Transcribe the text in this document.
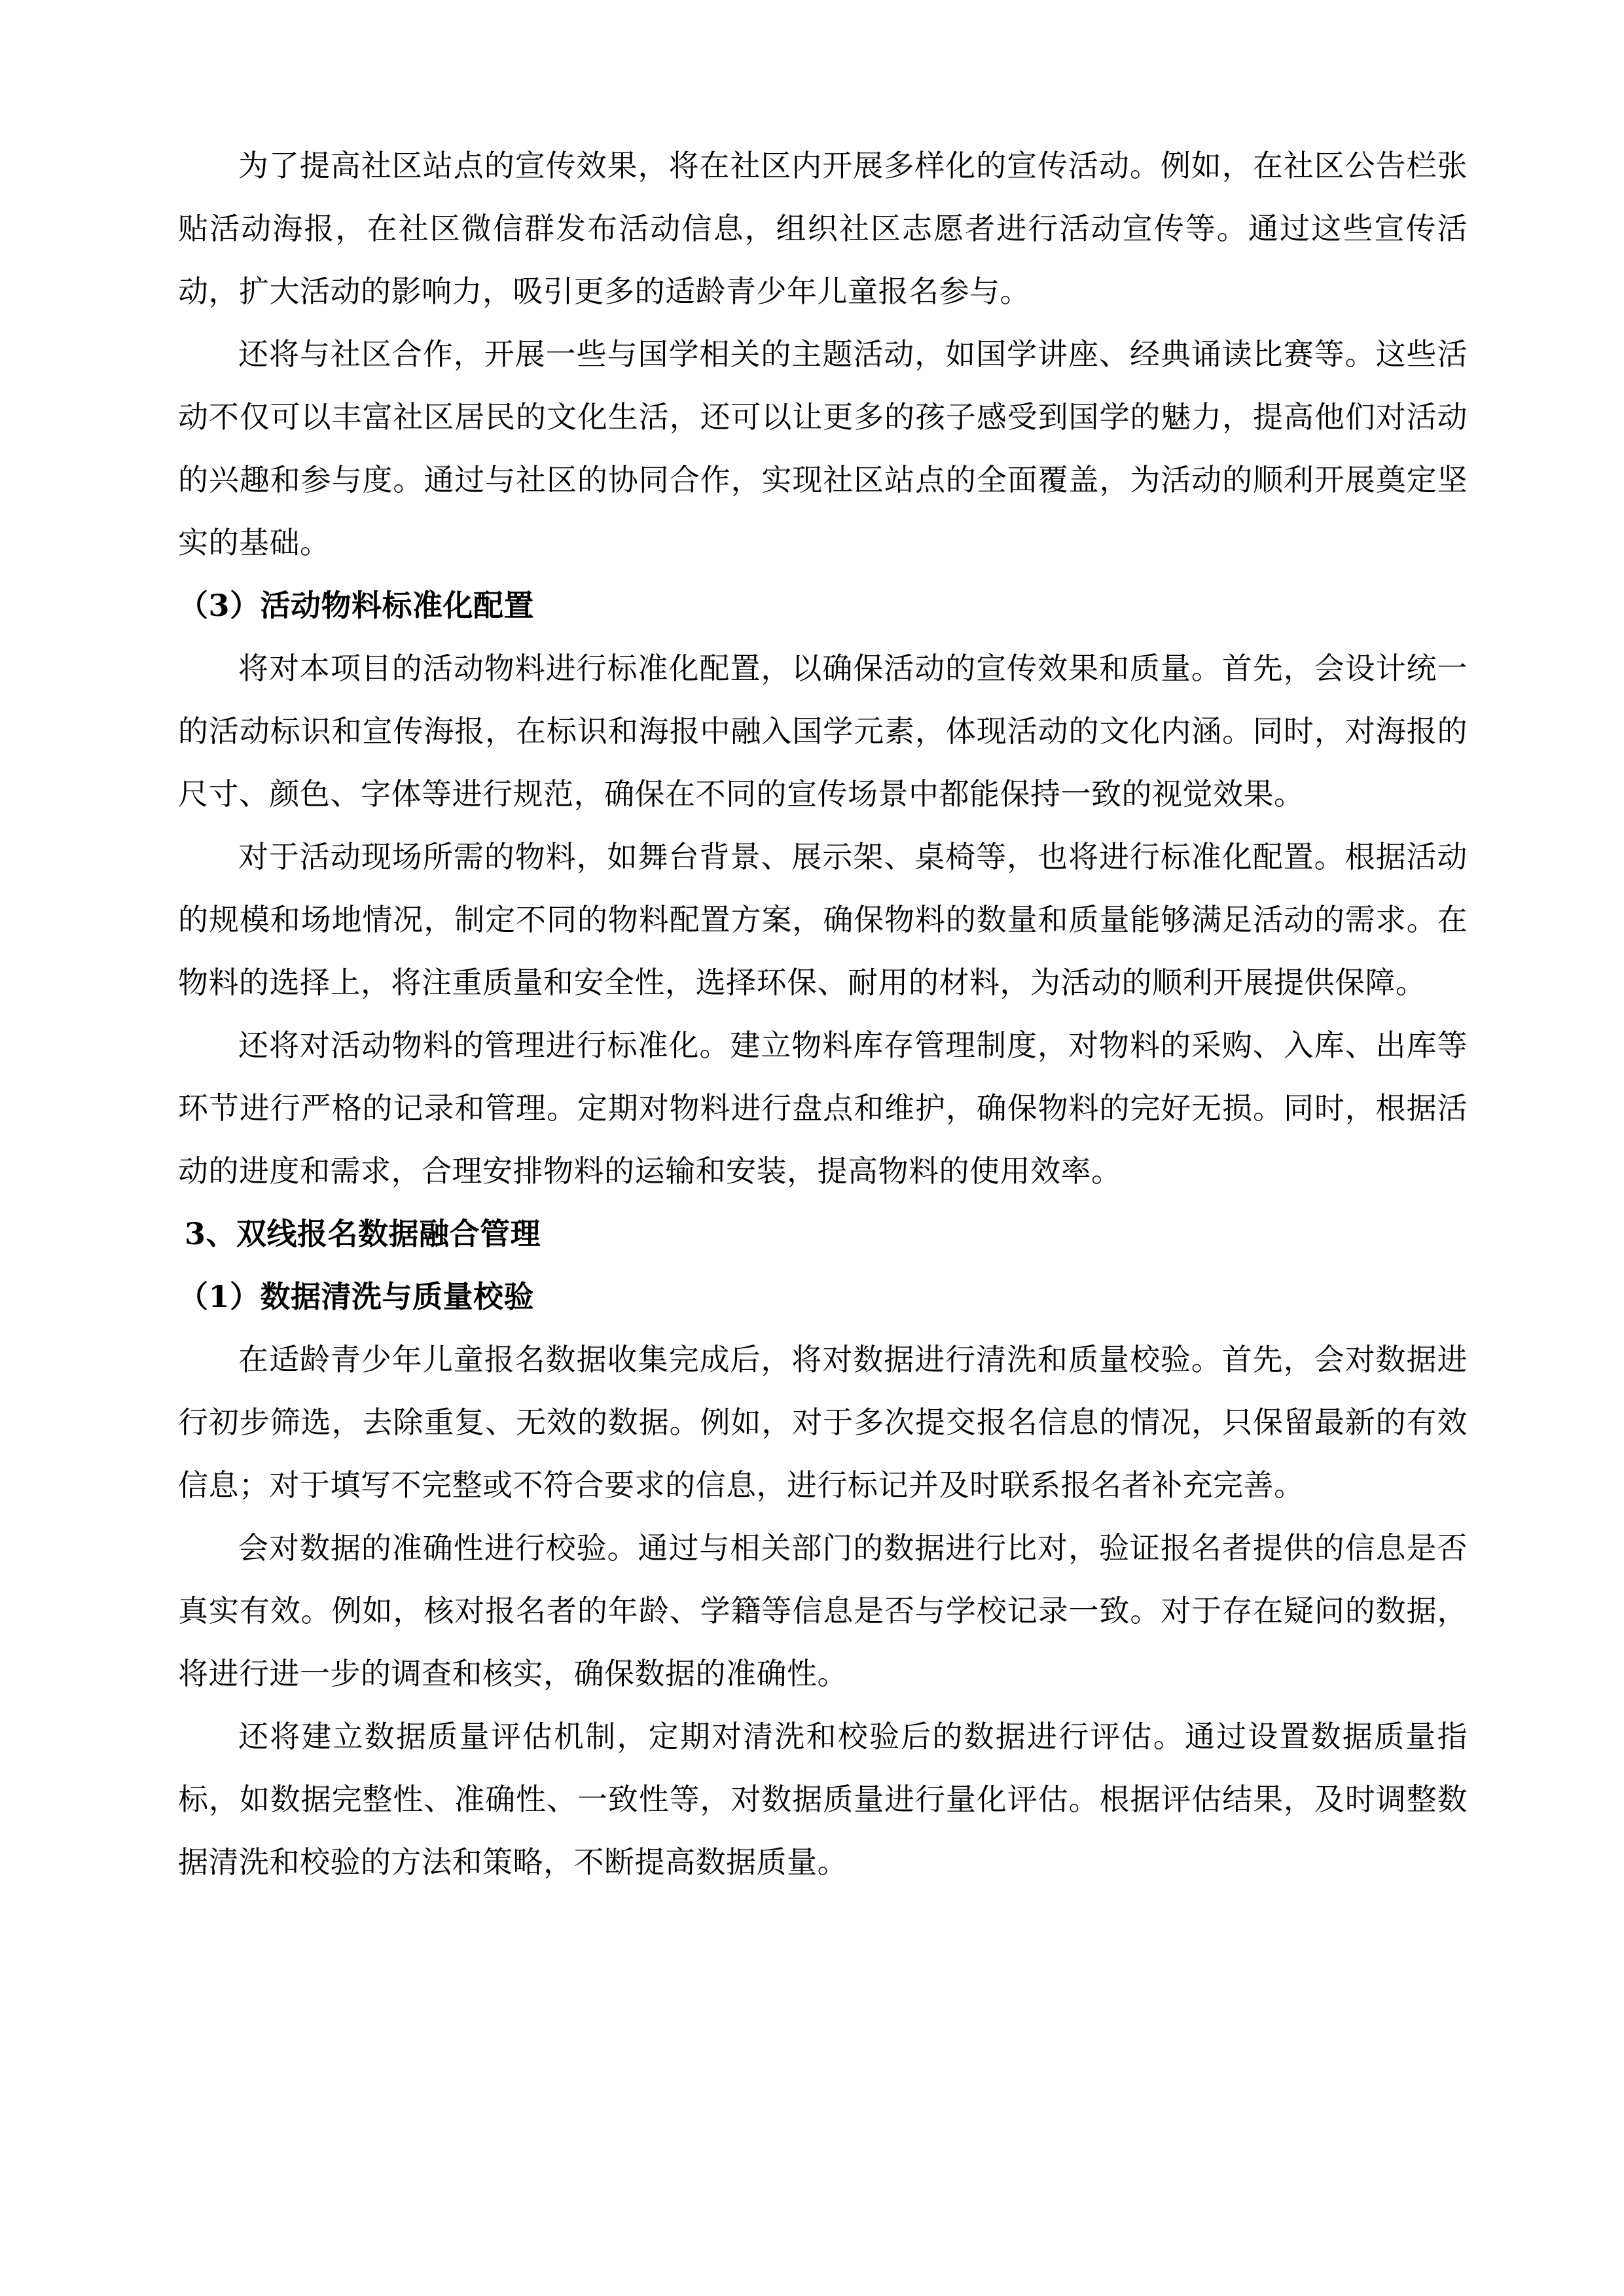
为了提高社区站点的宣传效果，将在社区内开展多样化的宣传活动。例如，在社区公告栏张贴活动海报，在社区微信群发布活动信息，组织社区志愿者进行活动宣传等。通过这些宣传活动，扩大活动的影响力，吸引更多的适龄青少年儿童报名参与。

还将与社区合作，开展一些与国学相关的主题活动，如国学讲座、经典诵读比赛等。这些活动不仅可以丰富社区居民的文化生活，还可以让更多的孩子感受到国学的魅力，提高他们对活动的兴趣和参与度。通过与社区的协同合作，实现社区站点的全面覆盖，为活动的顺利开展奠定坚实的基础。

（3）活动物料标准化配置

将对本项目的活动物料进行标准化配置，以确保活动的宣传效果和质量。首先，会设计统一的活动标识和宣传海报，在标识和海报中融入国学元素，体现活动的文化内涵。同时，对海报的尺寸、颜色、字体等进行规范，确保在不同的宣传场景中都能保持一致的视觉效果。

对于活动现场所需的物料，如舞台背景、展示架、桌椅等，也将进行标准化配置。根据活动的规模和场地情况，制定不同的物料配置方案，确保物料的数量和质量能够满足活动的需求。在物料的选择上，将注重质量和安全性，选择环保、耐用的材料，为活动的顺利开展提供保障。

还将对活动物料的管理进行标准化。建立物料库存管理制度，对物料的采购、入库、出库等环节进行严格的记录和管理。定期对物料进行盘点和维护，确保物料的完好无损。同时，根据活动的进度和需求，合理安排物料的运输和安装，提高物料的使用效率。

3、双线报名数据融合管理

（1）数据清洗与质量校验

在适龄青少年儿童报名数据收集完成后，将对数据进行清洗和质量校验。首先，会对数据进行初步筛选，去除重复、无效的数据。例如，对于多次提交报名信息的情况，只保留最新的有效信息；对于填写不完整或不符合要求的信息，进行标记并及时联系报名者补充完善。

会对数据的准确性进行校验。通过与相关部门的数据进行比对，验证报名者提供的信息是否真实有效。例如，核对报名者的年龄、学籍等信息是否与学校记录一致。对于存在疑问的数据，将进行进一步的调查和核实，确保数据的准确性。

还将建立数据质量评估机制，定期对清洗和校验后的数据进行评估。通过设置数据质量指标，如数据完整性、准确性、一致性等，对数据质量进行量化评估。根据评估结果，及时调整数据清洗和校验的方法和策略，不断提高数据质量。
